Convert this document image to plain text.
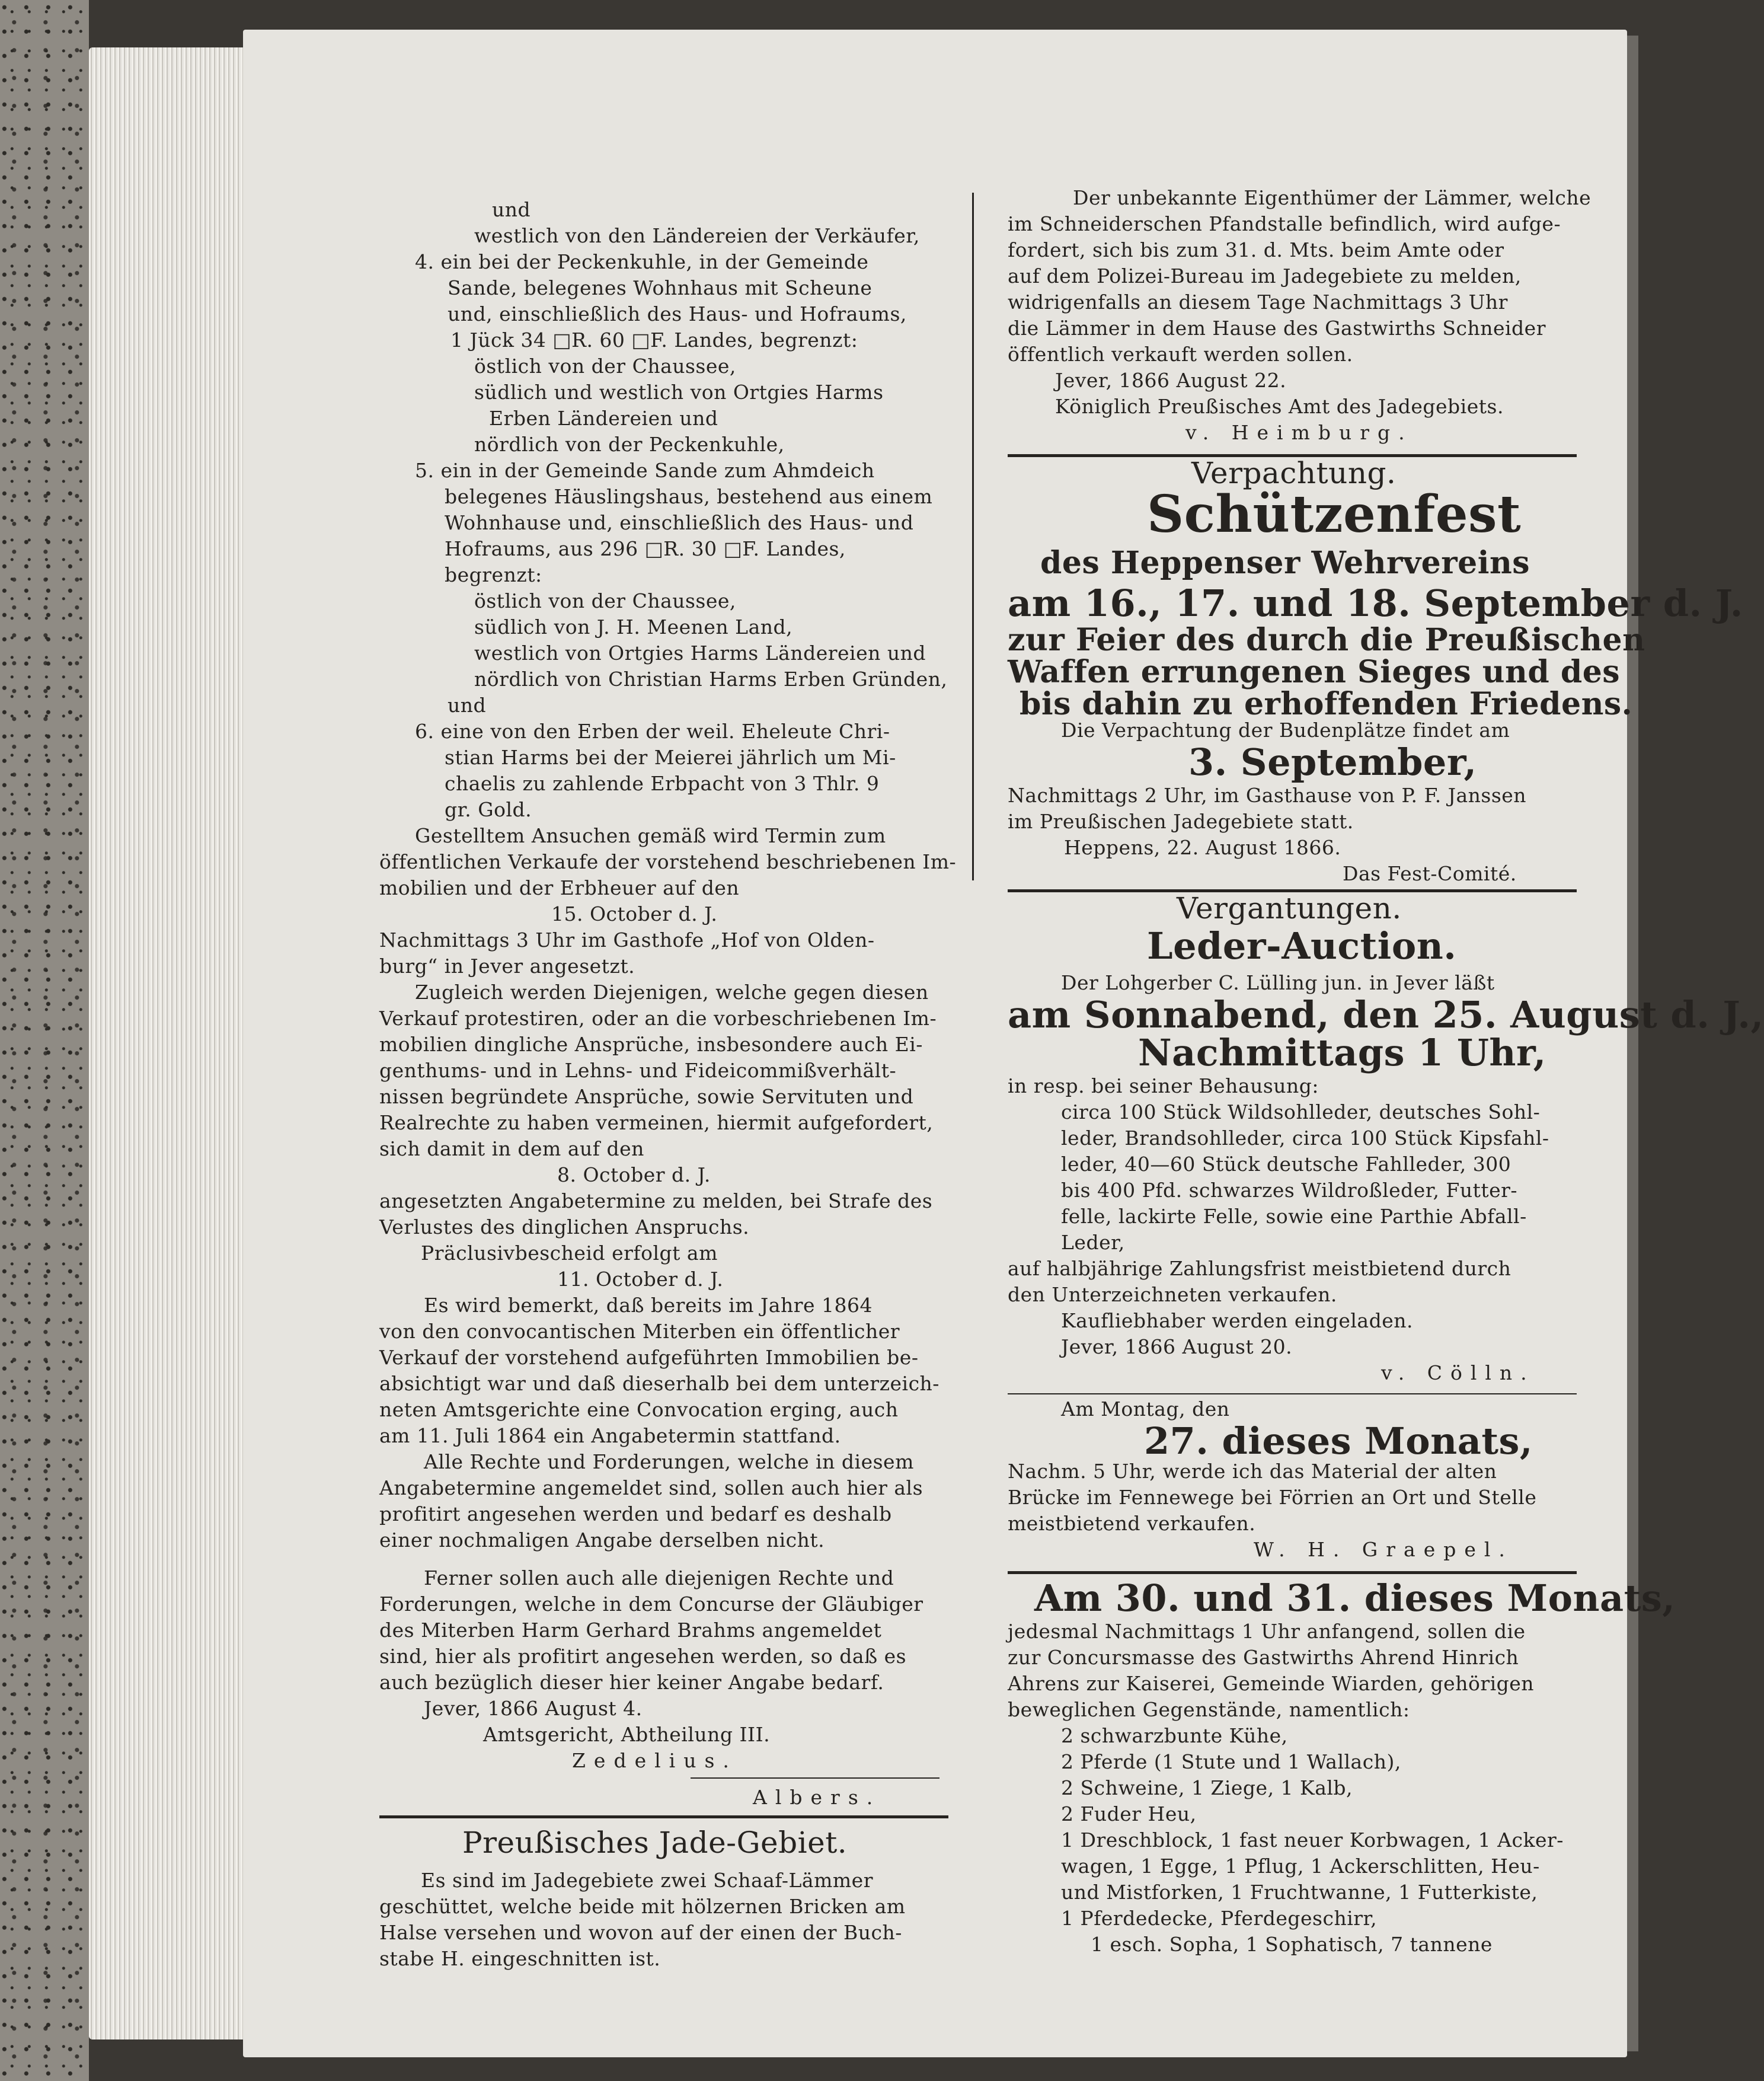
und
westlich von den Ländereien der Verkäufer,
4. ein bei der Peckenkuhle, in der Gemeinde
Sande, belegenes Wohnhaus mit Scheune
und, einschließlich des Haus- und Hofraums,
1 Jück 34 □R. 60 □F. Landes, begrenzt:
östlich von der Chaussee,
südlich und westlich von Ortgies Harms
Erben Ländereien und
nördlich von der Peckenkuhle,
5. ein in der Gemeinde Sande zum Ahmdeich
belegenes Häuslingshaus, bestehend aus einem
Wohnhause und, einschließlich des Haus- und
Hofraums, aus 296 □R. 30 □F. Landes,
begrenzt:
östlich von der Chaussee,
südlich von J. H. Meenen Land,
westlich von Ortgies Harms Ländereien und
nördlich von Christian Harms Erben Gründen,
und
6. eine von den Erben der weil. Eheleute Chri-
stian Harms bei der Meierei jährlich um Mi-
chaelis zu zahlende Erbpacht von 3 Thlr. 9
gr. Gold.
Gestelltem Ansuchen gemäß wird Termin zum
öffentlichen Verkaufe der vorstehend beschriebenen Im-
mobilien und der Erbheuer auf den
15. October d. J.
Nachmittags 3 Uhr im Gasthofe „Hof von Olden-
burg“ in Jever angesetzt.
Zugleich werden Diejenigen, welche gegen diesen
Verkauf protestiren, oder an die vorbeschriebenen Im-
mobilien dingliche Ansprüche, insbesondere auch Ei-
genthums- und in Lehns- und Fideicommißverhält-
nissen begründete Ansprüche, sowie Servituten und
Realrechte zu haben vermeinen, hiermit aufgefordert,
sich damit in dem auf den
8. October d. J.
angesetzten Angabetermine zu melden, bei Strafe des
Verlustes des dinglichen Anspruchs.
Präclusivbescheid erfolgt am
11. October d. J.
Es wird bemerkt, daß bereits im Jahre 1864
von den convocantischen Miterben ein öffentlicher
Verkauf der vorstehend aufgeführten Immobilien be-
absichtigt war und daß dieserhalb bei dem unterzeich-
neten Amtsgerichte eine Convocation erging, auch
am 11. Juli 1864 ein Angabetermin stattfand.
Alle Rechte und Forderungen, welche in diesem
Angabetermine angemeldet sind, sollen auch hier als
profitirt angesehen werden und bedarf es deshalb
einer nochmaligen Angabe derselben nicht.
Ferner sollen auch alle diejenigen Rechte und
Forderungen, welche in dem Concurse der Gläubiger
des Miterben Harm Gerhard Brahms angemeldet
sind, hier als profitirt angesehen werden, so daß es
auch bezüglich dieser hier keiner Angabe bedarf.
Jever, 1866 August 4.
Amtsgericht, Abtheilung III.
Zedelius.
Albers.
Preußisches Jade-Gebiet.
Es sind im Jadegebiete zwei Schaaf-Lämmer
geschüttet, welche beide mit hölzernen Bricken am
Halse versehen und wovon auf der einen der Buch-
stabe H. eingeschnitten ist.
Der unbekannte Eigenthümer der Lämmer, welche
im Schneiderschen Pfandstalle befindlich, wird aufge-
fordert, sich bis zum 31. d. Mts. beim Amte oder
auf dem Polizei-Bureau im Jadegebiete zu melden,
widrigenfalls an diesem Tage Nachmittags 3 Uhr
die Lämmer in dem Hause des Gastwirths Schneider
öffentlich verkauft werden sollen.
Jever, 1866 August 22.
Königlich Preußisches Amt des Jadegebiets.
v. Heimburg.
Verpachtung.
Schützenfest
des Heppenser Wehrvereins
am 16., 17. und 18. September d. J.
zur Feier des durch die Preußischen
Waffen errungenen Sieges und des
bis dahin zu erhoffenden Friedens.
Die Verpachtung der Budenplätze findet am
3. September,
Nachmittags 2 Uhr, im Gasthause von P. F. Janssen
im Preußischen Jadegebiete statt.
Heppens, 22. August 1866.
Das Fest-Comité.
Vergantungen.
Leder-Auction.
Der Lohgerber C. Lülling jun. in Jever läßt
am Sonnabend, den 25. August d. J.,
Nachmittags 1 Uhr,
in resp. bei seiner Behausung:
circa 100 Stück Wildsohlleder, deutsches Sohl-
leder, Brandsohlleder, circa 100 Stück Kipsfahl-
leder, 40—60 Stück deutsche Fahlleder, 300
bis 400 Pfd. schwarzes Wildroßleder, Futter-
felle, lackirte Felle, sowie eine Parthie Abfall-
Leder,
auf halbjährige Zahlungsfrist meistbietend durch
den Unterzeichneten verkaufen.
Kaufliebhaber werden eingeladen.
Jever, 1866 August 20.
v. Cölln.
Am Montag, den
27. dieses Monats,
Nachm. 5 Uhr, werde ich das Material der alten
Brücke im Fennewege bei Förrien an Ort und Stelle
meistbietend verkaufen.
W. H. Graepel.
Am 30. und 31. dieses Monats,
jedesmal Nachmittags 1 Uhr anfangend, sollen die
zur Concursmasse des Gastwirths Ahrend Hinrich
Ahrens zur Kaiserei, Gemeinde Wiarden, gehörigen
beweglichen Gegenstände, namentlich:
2 schwarzbunte Kühe,
2 Pferde (1 Stute und 1 Wallach),
2 Schweine, 1 Ziege, 1 Kalb,
2 Fuder Heu,
1 Dreschblock, 1 fast neuer Korbwagen, 1 Acker-
wagen, 1 Egge, 1 Pflug, 1 Ackerschlitten, Heu-
und Mistforken, 1 Fruchtwanne, 1 Futterkiste,
1 Pferdedecke, Pferdegeschirr,
1 esch. Sopha, 1 Sophatisch, 7 tannene
